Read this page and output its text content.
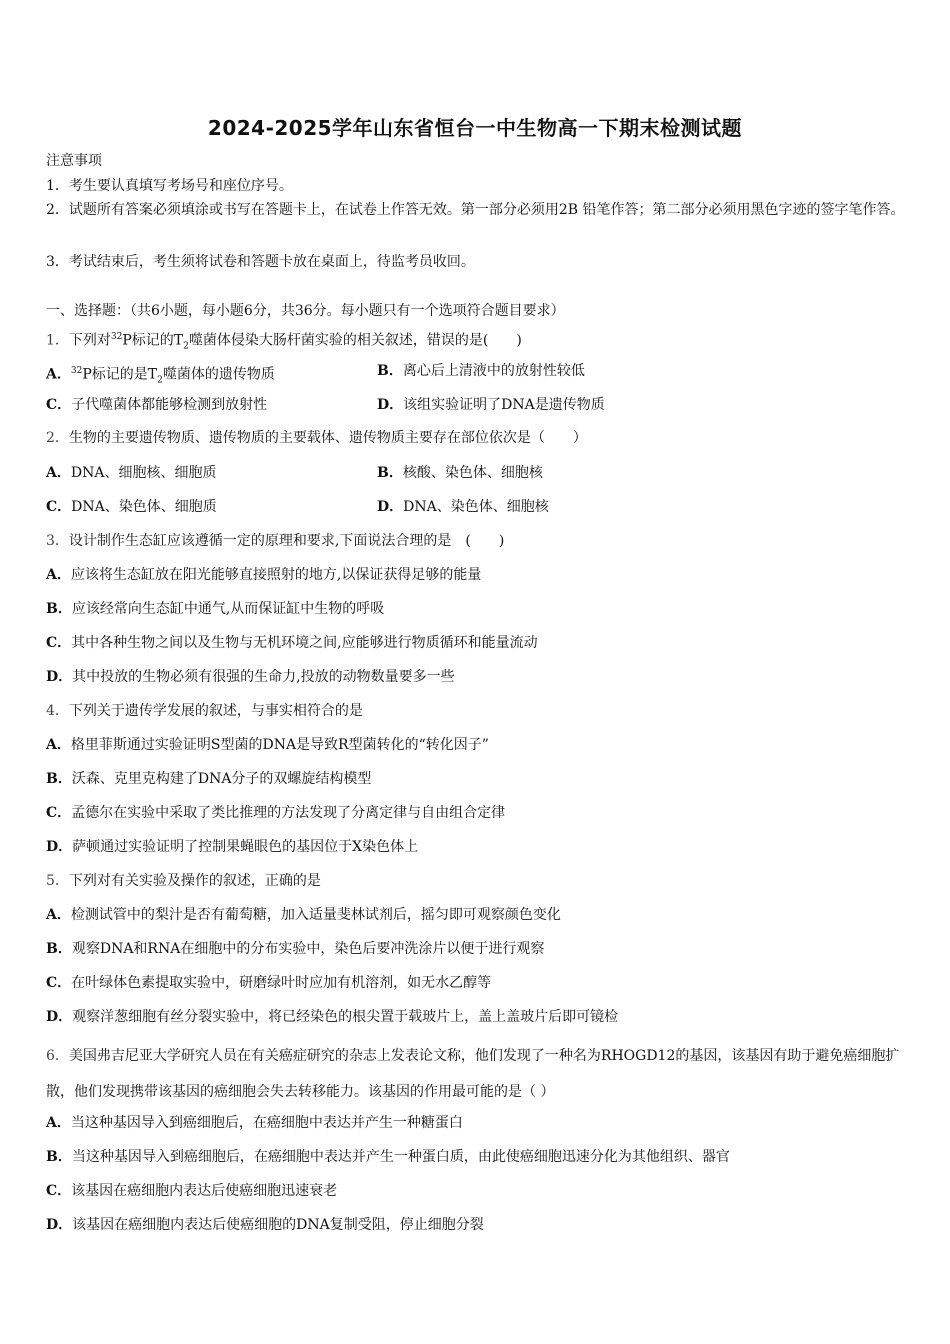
2024-2025学年山东省恒台一中生物高一下期末检测试题
注意事项
1．考生要认真填写考场号和座位序号。
2．试题所有答案必须填涂或书写在答题卡上，在试卷上作答无效。第一部分必须用2B 铅笔作答；第二部分必须用黑色字迹的签字笔作答。
3．考试结束后，考生须将试卷和答题卡放在桌面上，待监考员收回。
一、选择题：（共6小题，每小题6分，共36分。每小题只有一个选项符合题目要求）
1．下列对$^{32}$P标记的$T_2$噬菌体侵染大肠杆菌实验的相关叙述，错误的是(　　)
A．$^{32}$P标记的是$T_2$噬菌体的遗传物质	B．离心后上清液中的放射性较低
C．子代噬菌体都能够检测到放射性	D．该组实验证明了DNA是遗传物质
2．生物的主要遗传物质、遗传物质的主要载体、遗传物质主要存在部位依次是（　　）
A．DNA、细胞核、细胞质	B．核酸、染色体、细胞核
C．DNA、染色体、细胞质	D．DNA、染色体、细胞核
3．设计制作生态缸应该遵循一定的原理和要求,下面说法合理的是　(　　)
A．应该将生态缸放在阳光能够直接照射的地方,以保证获得足够的能量
B．应该经常向生态缸中通气,从而保证缸中生物的呼吸
C．其中各种生物之间以及生物与无机环境之间,应能够进行物质循环和能量流动
D．其中投放的生物必须有很强的生命力,投放的动物数量要多一些
4．下列关于遗传学发展的叙述，与事实相符合的是
A．格里菲斯通过实验证明S型菌的DNA是导致R型菌转化的“转化因子”
B．沃森、克里克构建了DNA分子的双螺旋结构模型
C．孟德尔在实验中采取了类比推理的方法发现了分离定律与自由组合定律
D．萨顿通过实验证明了控制果蝇眼色的基因位于X染色体上
5．下列对有关实验及操作的叙述，正确的是
A．检测试管中的梨汁是否有葡萄糖，加入适量斐林试剂后，摇匀即可观察颜色变化
B．观察DNA和RNA在细胞中的分布实验中，染色后要冲洗涂片以便于进行观察
C．在叶绿体色素提取实验中，研磨绿叶时应加有机溶剂，如无水乙醇等
D．观察洋葱细胞有丝分裂实验中，将已经染色的根尖置于载玻片上，盖上盖玻片后即可镜检
6．美国弗吉尼亚大学研究人员在有关癌症研究的杂志上发表论文称，他们发现了一种名为RHOGD12的基因，该基因有助于避免癌细胞扩散，他们发现携带该基因的癌细胞会失去转移能力。该基因的作用最可能的是（ ）
A．当这种基因导入到癌细胞后，在癌细胞中表达并产生一种糖蛋白
B．当这种基因导入到癌细胞后，在癌细胞中表达并产生一种蛋白质，由此使癌细胞迅速分化为其他组织、器官
C．该基因在癌细胞内表达后使癌细胞迅速衰老
D．该基因在癌细胞内表达后使癌细胞的DNA复制受阻，停止细胞分裂
